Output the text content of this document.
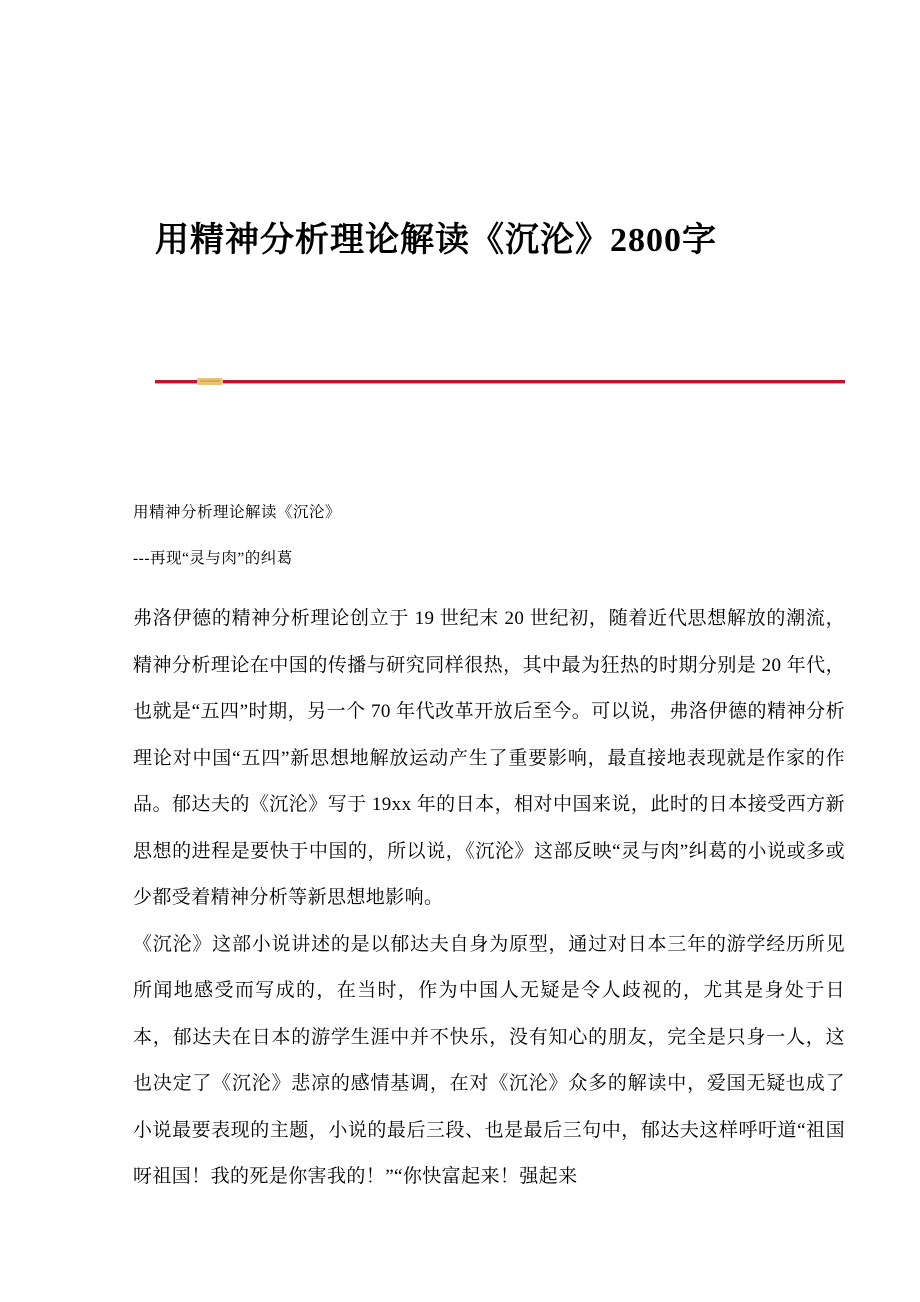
用精神分析理论解读《沉沦》2800字

用精神分析理论解读《沉沦》

---再现“灵与肉”的纠葛

弗洛伊德的精神分析理论创立于 19 世纪末 20 世纪初，随着近代思想解放的潮流，精神分析理论在中国的传播与研究同样很热，其中最为狂热的时期分别是 20 年代，也就是“五四”时期，另一个 70 年代改革开放后至今。可以说，弗洛伊德的精神分析理论对中国“五四”新思想地解放运动产生了重要影响，最直接地表现就是作家的作品。郁达夫的《沉沦》写于 19xx 年的日本，相对中国来说，此时的日本接受西方新思想的进程是要快于中国的，所以说，《沉沦》这部反映“灵与肉”纠葛的小说或多或少都受着精神分析等新思想地影响。

《沉沦》这部小说讲述的是以郁达夫自身为原型，通过对日本三年的游学经历所见所闻地感受而写成的，在当时，作为中国人无疑是令人歧视的，尤其是身处于日本，郁达夫在日本的游学生涯中并不快乐，没有知心的朋友，完全是只身一人，这也决定了《沉沦》悲凉的感情基调，在对《沉沦》众多的解读中，爱国无疑也成了小说最要表现的主题，小说的最后三段、也是最后三句中，郁达夫这样呼吁道“祖国呀祖国！我的死是你害我的！”“你快富起来！强起来
